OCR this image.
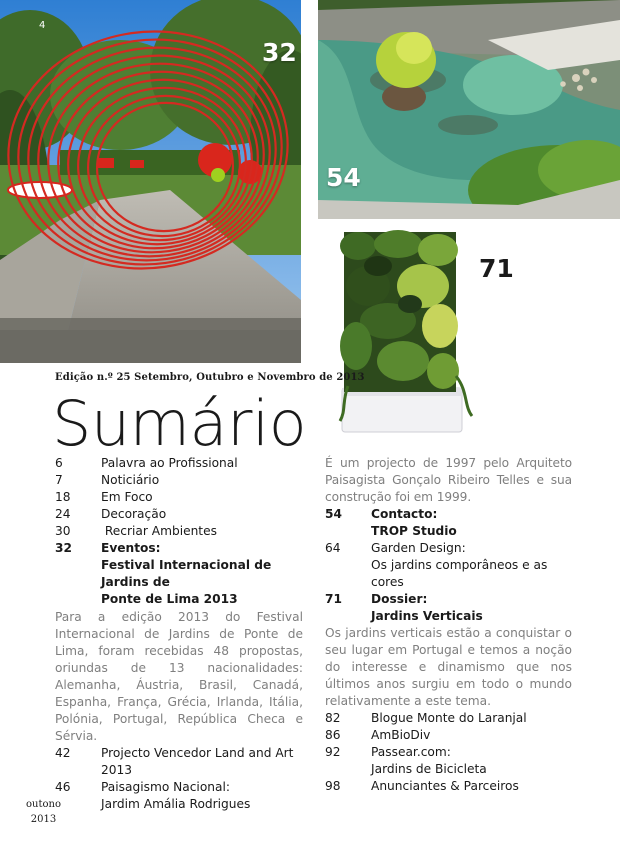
4
32
54
71
Edição n.º 25 Setembro, Outubro e Novembro de 2013
Sumário
6	Palavra ao Profissional
7	Noticiário
18	Em Foco
24	Decoração
30	Recriar Ambientes
32	Eventos:
Festival Internacional de Jardins de
Ponte de Lima 2013
Para a edição 2013 do Festival Internacional de Jardins de Ponte de Lima, foram recebidas 48 propostas, oriundas de 13 nacionalidades: Alemanha, Áustria, Brasil, Canadá, Espanha, França, Grécia, Irlanda, Itália, Polónia, Portugal, República Checa e Sérvia.
42	Projecto Vencedor Land and Art
2013
46	Paisagismo Nacional:
Jardim Amália Rodrigues
É um projecto de 1997 pelo Arquiteto Paisagista Gonçalo Ribeiro Telles e sua construção foi em 1999.
54	Contacto:
TROP Studio
64	Garden Design:
Os jardins comporâneos e as cores
71	Dossier:
Jardins Verticais
Os jardins verticais estão a conquistar o seu lugar em Portugal e temos a noção do interesse e dinamismo que nos últimos anos surgiu em todo o mundo relativamente a este tema.
82	Blogue Monte do Laranjal
86	AmBioDiv
92	Passear.com:
Jardins de Bicicleta
98	Anunciantes & Parceiros
outono
2013
